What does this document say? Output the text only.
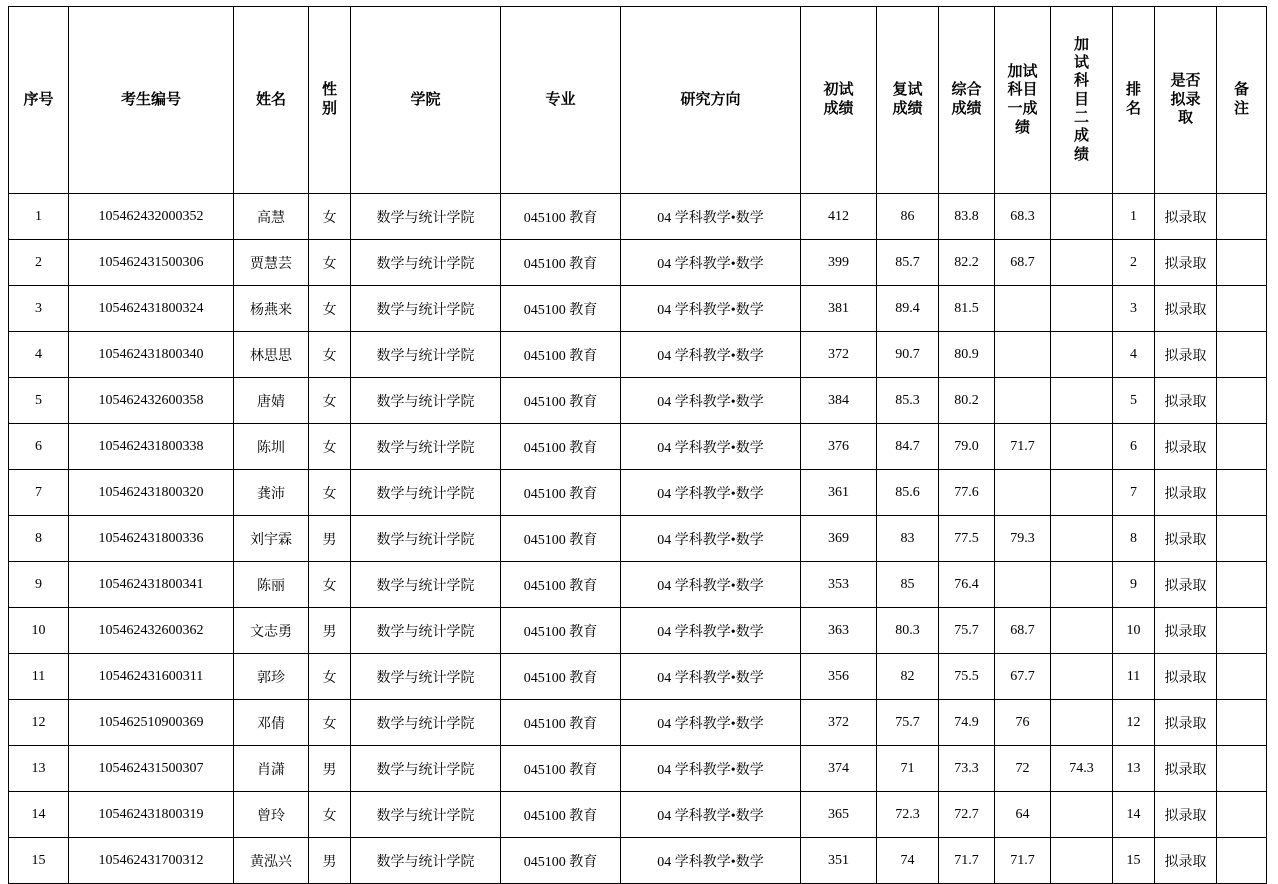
序号	考生编号	姓名	性别	学院	专业	研究方向	初试成绩	复试成绩	综合成绩	加试科目一成绩	加试科目二成绩	排名	是否拟录取	备注
1	105462432000352	高慧	女	数学与统计学院	045100 教育	04 学科教学•数学	412	86	83.8	68.3		1	拟录取	
2	105462431500306	贾慧芸	女	数学与统计学院	045100 教育	04 学科教学•数学	399	85.7	82.2	68.7		2	拟录取	
3	105462431800324	杨燕来	女	数学与统计学院	045100 教育	04 学科教学•数学	381	89.4	81.5			3	拟录取	
4	105462431800340	林思思	女	数学与统计学院	045100 教育	04 学科教学•数学	372	90.7	80.9			4	拟录取	
5	105462432600358	唐婧	女	数学与统计学院	045100 教育	04 学科教学•数学	384	85.3	80.2			5	拟录取	
6	105462431800338	陈圳	女	数学与统计学院	045100 教育	04 学科教学•数学	376	84.7	79.0	71.7		6	拟录取	
7	105462431800320	龚沛	女	数学与统计学院	045100 教育	04 学科教学•数学	361	85.6	77.6			7	拟录取	
8	105462431800336	刘宇霖	男	数学与统计学院	045100 教育	04 学科教学•数学	369	83	77.5	79.3		8	拟录取	
9	105462431800341	陈丽	女	数学与统计学院	045100 教育	04 学科教学•数学	353	85	76.4			9	拟录取	
10	105462432600362	文志勇	男	数学与统计学院	045100 教育	04 学科教学•数学	363	80.3	75.7	68.7		10	拟录取	
11	105462431600311	郭珍	女	数学与统计学院	045100 教育	04 学科教学•数学	356	82	75.5	67.7		11	拟录取	
12	105462510900369	邓倩	女	数学与统计学院	045100 教育	04 学科教学•数学	372	75.7	74.9	76		12	拟录取	
13	105462431500307	肖潇	男	数学与统计学院	045100 教育	04 学科教学•数学	374	71	73.3	72	74.3	13	拟录取	
14	105462431800319	曾玲	女	数学与统计学院	045100 教育	04 学科教学•数学	365	72.3	72.7	64		14	拟录取	
15	105462431700312	黄泓兴	男	数学与统计学院	045100 教育	04 学科教学•数学	351	74	71.7	71.7		15	拟录取	
